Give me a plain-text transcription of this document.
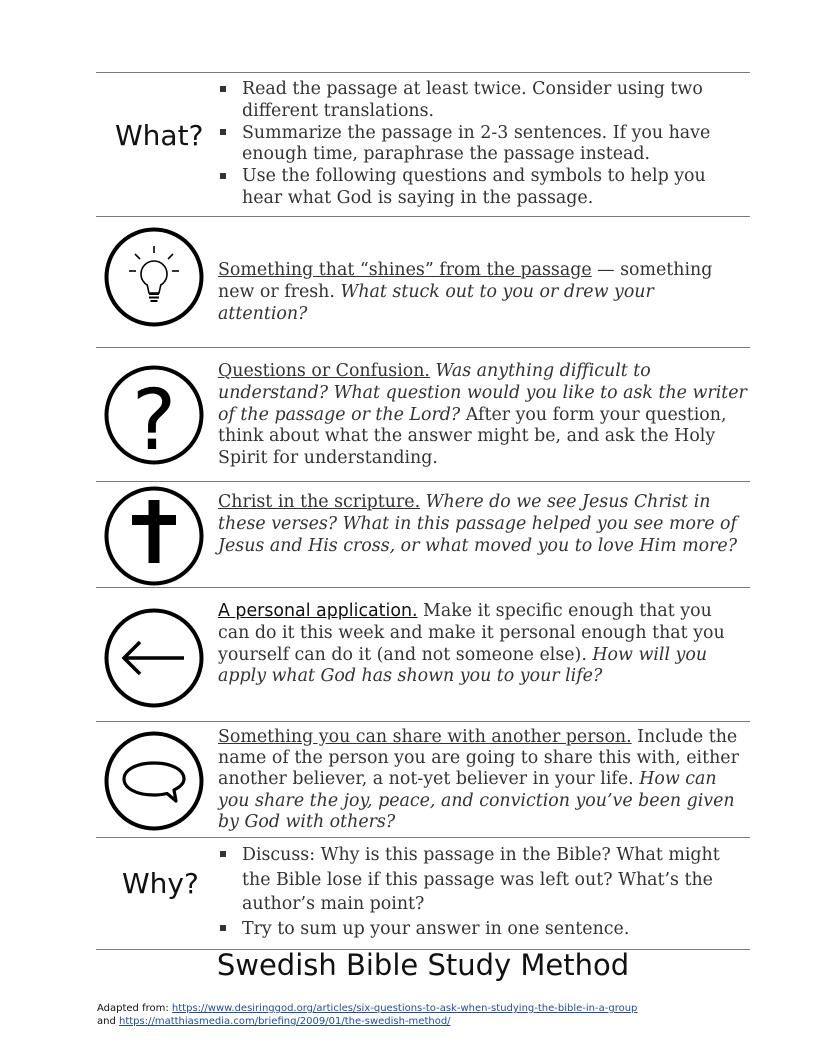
What?
Read the passage at least twice. Consider using two different translations.
Summarize the passage in 2-3 sentences. If you have enough time, paraphrase the passage instead.
Use the following questions and symbols to help you hear what God is saying in the passage.
Something that “shines” from the passage — something new or fresh. What stuck out to you or drew your attention?
? Questions or Confusion. Was anything difficult to understand? What question would you like to ask the writer of the passage or the Lord? After you form your question, think about what the answer might be, and ask the Holy Spirit for understanding.
Christ in the scripture. Where do we see Jesus Christ in these verses? What in this passage helped you see more of Jesus and His cross, or what moved you to love Him more?
A personal application. Make it specific enough that you can do it this week and make it personal enough that you yourself can do it (and not someone else). How will you apply what God has shown you to your life?
Something you can share with another person. Include the name of the person you are going to share this with, either another believer, a not-yet believer in your life. How can you share the joy, peace, and conviction you’ve been given by God with others?
Why?
Discuss: Why is this passage in the Bible? What might the Bible lose if this passage was left out? What’s the author’s main point?
Try to sum up your answer in one sentence.
Swedish Bible Study Method
Adapted from: https://www.desiringgod.org/articles/six-questions-to-ask-when-studying-the-bible-in-a-group
and https://matthiasmedia.com/briefing/2009/01/the-swedish-method/
